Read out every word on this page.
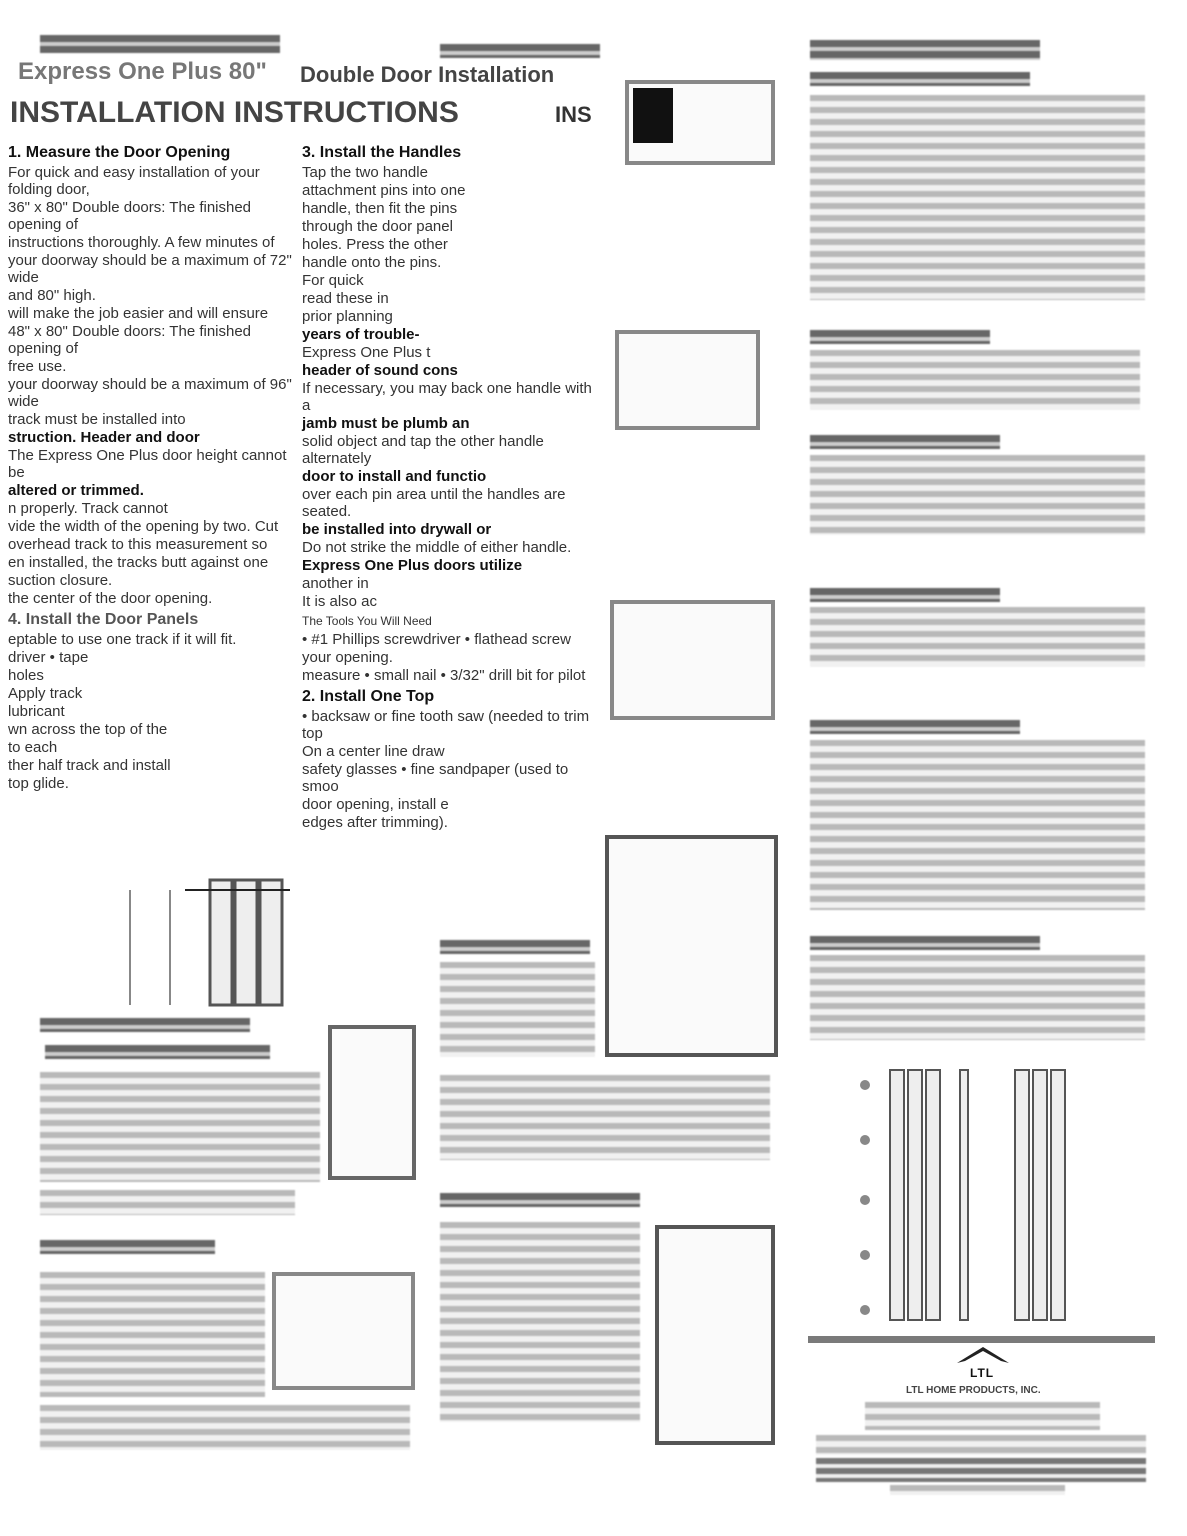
Express One Plus 80" Double Door Installation
INSTALLATION INSTRUCTIONS	INS
1. Measure the Door Opening
For quick and easy installation of your folding door,
36" x 80" Double doors: The finished opening of
instructions thoroughly. A few minutes of
your doorway should be a maximum of 72" wide
and 80" high.
will make the job easier and will ensure
48" x 80" Double doors: The finished opening of
free use.
your doorway should be a maximum of 96" wide
track must be installed into
struction. Header and door
The Express One Plus door height cannot be
altered or trimmed.
n properly. Track cannot
vide the width of the opening by two. Cut
overhead track to this measurement so
en installed, the tracks butt against one
suction closure.
the center of the door opening.
4. Install the Door Panels
eptable to use one track if it will fit.
driver • tape
holes
Apply track
lubricant
wn across the top of the
to each
ther half track and install
top glide.
3. Install the Handles
Tap the two handle
attachment pins into one
handle, then fit the pins
through the door panel
holes. Press the other
handle onto the pins.
For quick
read these in
prior planning
years of trouble-
Express One Plus t
header of sound cons
If necessary, you may back one handle with a
jamb must be plumb an
solid object and tap the other handle alternately
door to install and functio
over each pin area until the handles are seated.
be installed into drywall or
Do not strike the middle of either handle.
Express One Plus doors utilize
another in
It is also ac
The Tools You Will Need
• #1 Phillips screwdriver • flathead screw
your opening.
measure • small nail • 3/32" drill bit for pilot
2. Install One Top
• backsaw or fine tooth saw (needed to trim top
On a center line draw
safety glasses • fine sandpaper (used to smoo
door opening, install e
edges after trimming).
LTL
LTL HOME PRODUCTS, INC.
